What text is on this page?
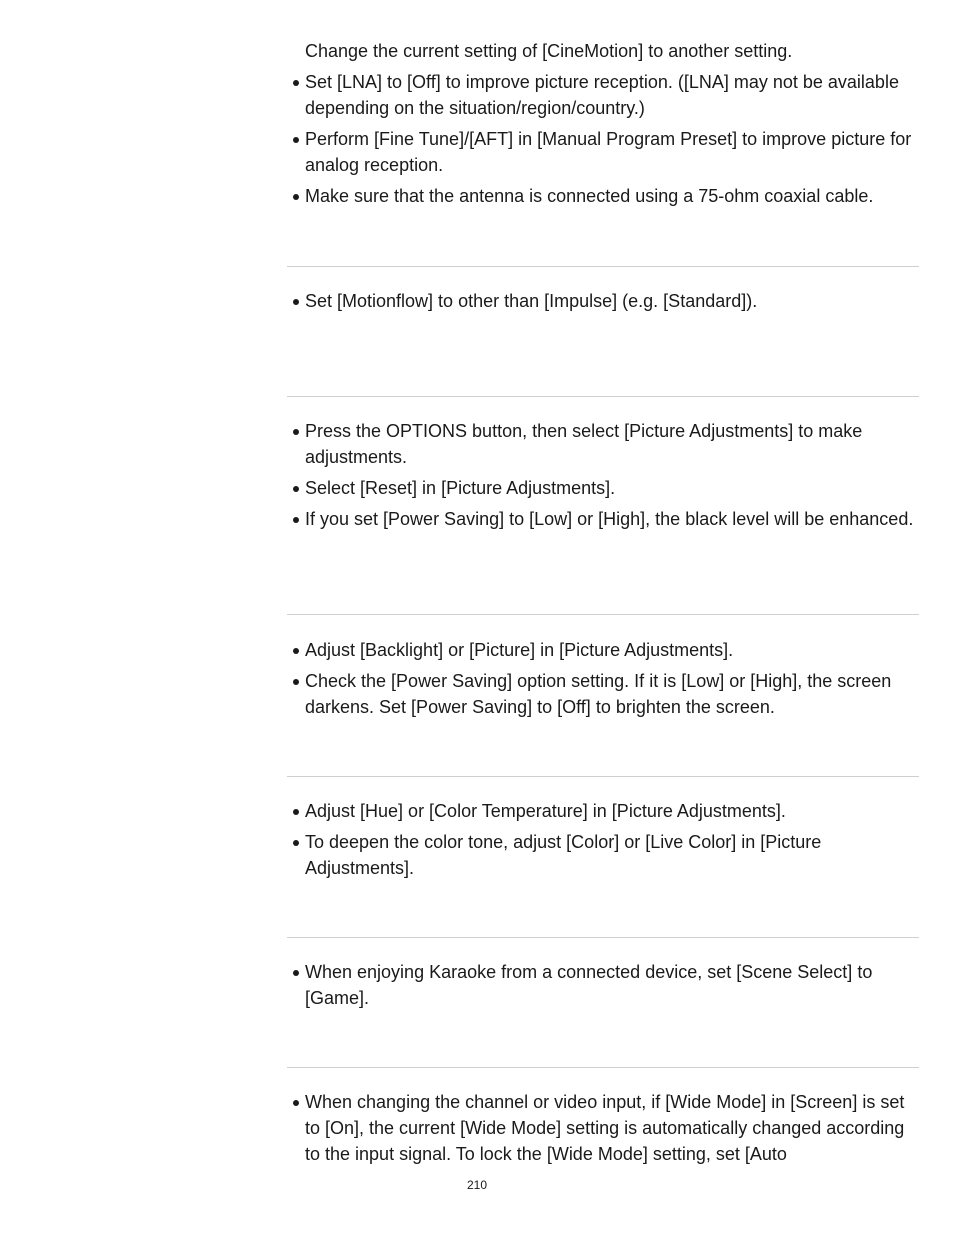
Change the current setting of [CineMotion] to another setting.

Set [LNA] to [Off] to improve picture reception. ([LNA] may not be available depending on the situation/region/country.)
Perform [Fine Tune]/[AFT] in [Manual Program Preset] to improve picture for analog reception.
Make sure that the antenna is connected using a 75-ohm coaxial cable.
Set [Motionflow] to other than [Impulse] (e.g. [Standard]).
Press the OPTIONS button, then select [Picture Adjustments] to make adjustments.
Select [Reset] in [Picture Adjustments].
If you set [Power Saving] to [Low] or [High], the black level will be enhanced.
Adjust [Backlight] or [Picture] in [Picture Adjustments].
Check the [Power Saving] option setting. If it is [Low] or [High], the screen darkens. Set [Power Saving] to [Off] to brighten the screen.
Adjust [Hue] or [Color Temperature] in [Picture Adjustments].
To deepen the color tone, adjust [Color] or [Live Color] in [Picture Adjustments].
When enjoying Karaoke from a connected device, set [Scene Select] to [Game].
When changing the channel or video input, if [Wide Mode] in [Screen] is set to [On], the current [Wide Mode] setting is automatically changed according to the input signal. To lock the [Wide Mode] setting, set [Auto
210
